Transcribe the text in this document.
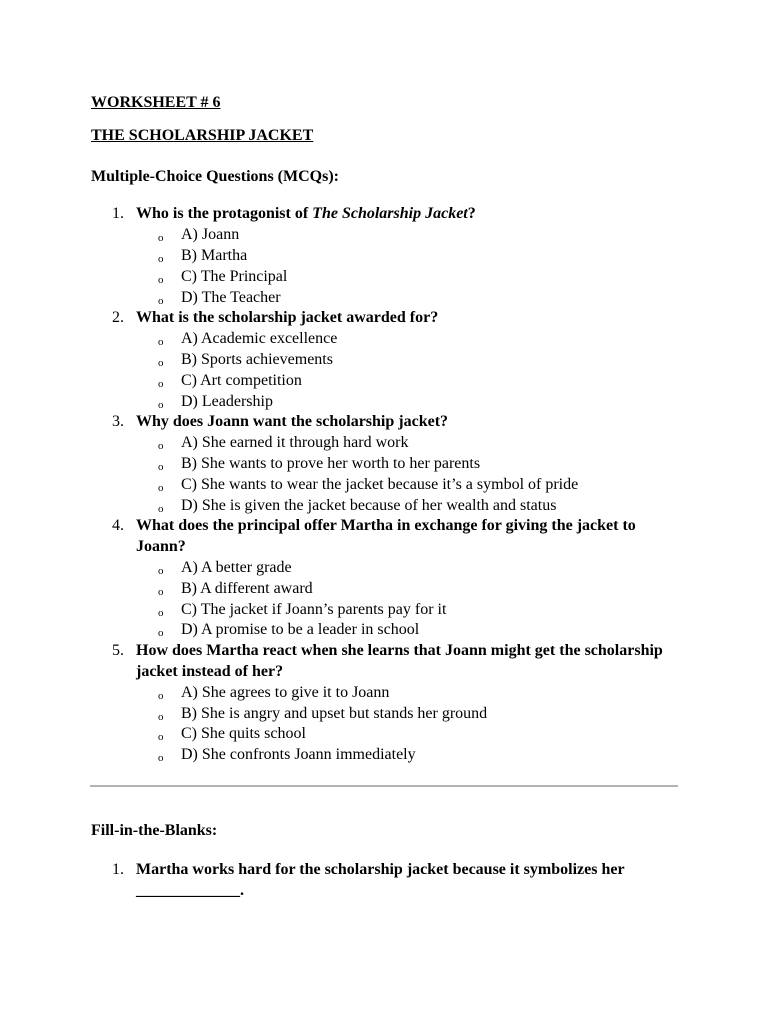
WORKSHEET # 6

THE SCHOLARSHIP JACKET

Multiple-Choice Questions (MCQs):

1. Who is the protagonist of The Scholarship Jacket?
o A) Joann
o B) Martha
o C) The Principal
o D) The Teacher
2. What is the scholarship jacket awarded for?
o A) Academic excellence
o B) Sports achievements
o C) Art competition
o D) Leadership
3. Why does Joann want the scholarship jacket?
o A) She earned it through hard work
o B) She wants to prove her worth to her parents
o C) She wants to wear the jacket because it’s a symbol of pride
o D) She is given the jacket because of her wealth and status
4. What does the principal offer Martha in exchange for giving the jacket to Joann?
o A) A better grade
o B) A different award
o C) The jacket if Joann’s parents pay for it
o D) A promise to be a leader in school
5. How does Martha react when she learns that Joann might get the scholarship jacket instead of her?
o A) She agrees to give it to Joann
o B) She is angry and upset but stands her ground
o C) She quits school
o D) She confronts Joann immediately

Fill-in-the-Blanks:

1. Martha works hard for the scholarship jacket because it symbolizes her _____________.
